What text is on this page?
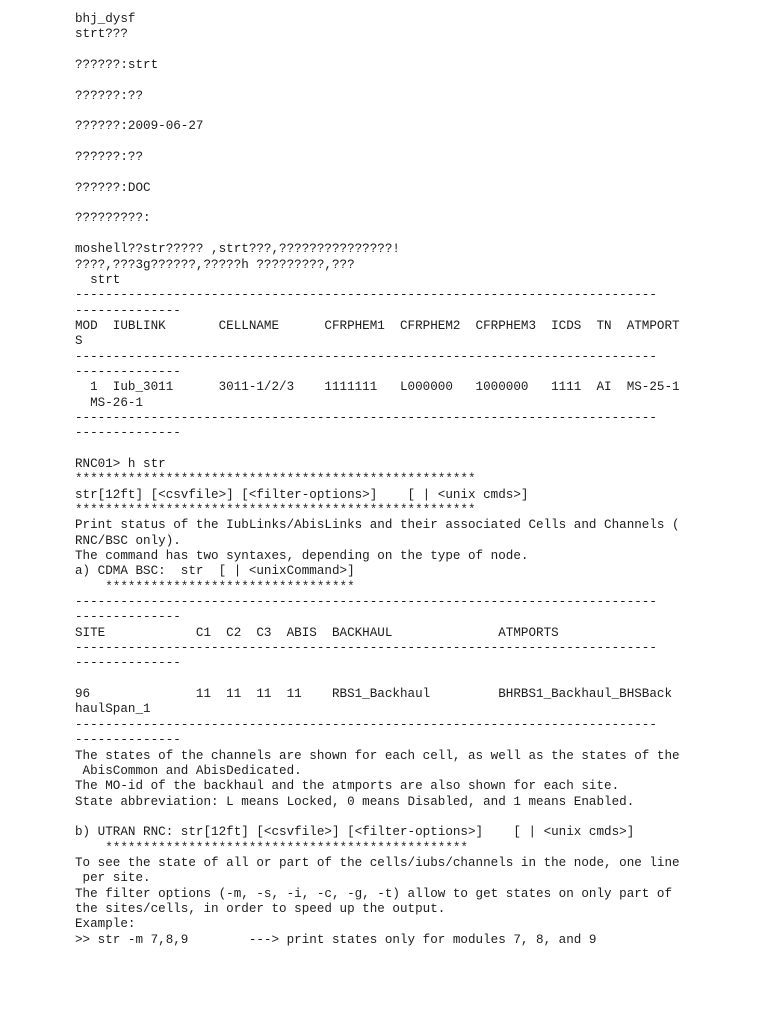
bhj_dysf
strt???
??????:strt
??????:??
??????:2009-06-27
??????:??
??????:DOC
?????????:
moshell??str????? ,strt???,???????????????!
????,???3g??????,?????h ?????????,???
strt
-----------------------------------------------------------------------------
--------------
MOD  IUBLINK       CELLNAME      CFRPHEM1  CFRPHEM2  CFRPHEM3  ICDS  TN  ATMPORT
S
-----------------------------------------------------------------------------
--------------
1  Iub_3011      3011-1/2/3    1111111   L000000   1000000   1111  AI  MS-25-1
MS-26-1
-----------------------------------------------------------------------------
--------------
RNC01> h str
*****************************************************
str[12ft] [<csvfile>] [<filter-options>]    [ | <unix cmds>]
*****************************************************
Print status of the IubLinks/AbisLinks and their associated Cells and Channels (
RNC/BSC only).
The command has two syntaxes, depending on the type of node.
a) CDMA BSC:  str  [ | <unixCommand>]
*********************************
-----------------------------------------------------------------------------
--------------
SITE            C1  C2  C3  ABIS  BACKHAUL              ATMPORTS
-----------------------------------------------------------------------------
--------------
96              11  11  11  11    RBS1_Backhaul         BHRBS1_Backhaul_BHSBack
haulSpan_1
-----------------------------------------------------------------------------
--------------
The states of the channels are shown for each cell, as well as the states of the
AbisCommon and AbisDedicated.
The MO-id of the backhaul and the atmports are also shown for each site.
State abbreviation: L means Locked, 0 means Disabled, and 1 means Enabled.
b) UTRAN RNC: str[12ft] [<csvfile>] [<filter-options>]    [ | <unix cmds>]
************************************************
To see the state of all or part of the cells/iubs/channels in the node, one line
per site.
The filter options (-m, -s, -i, -c, -g, -t) allow to get states on only part of
the sites/cells, in order to speed up the output.
Example:
>> str -m 7,8,9        ---> print states only for modules 7, 8, and 9
